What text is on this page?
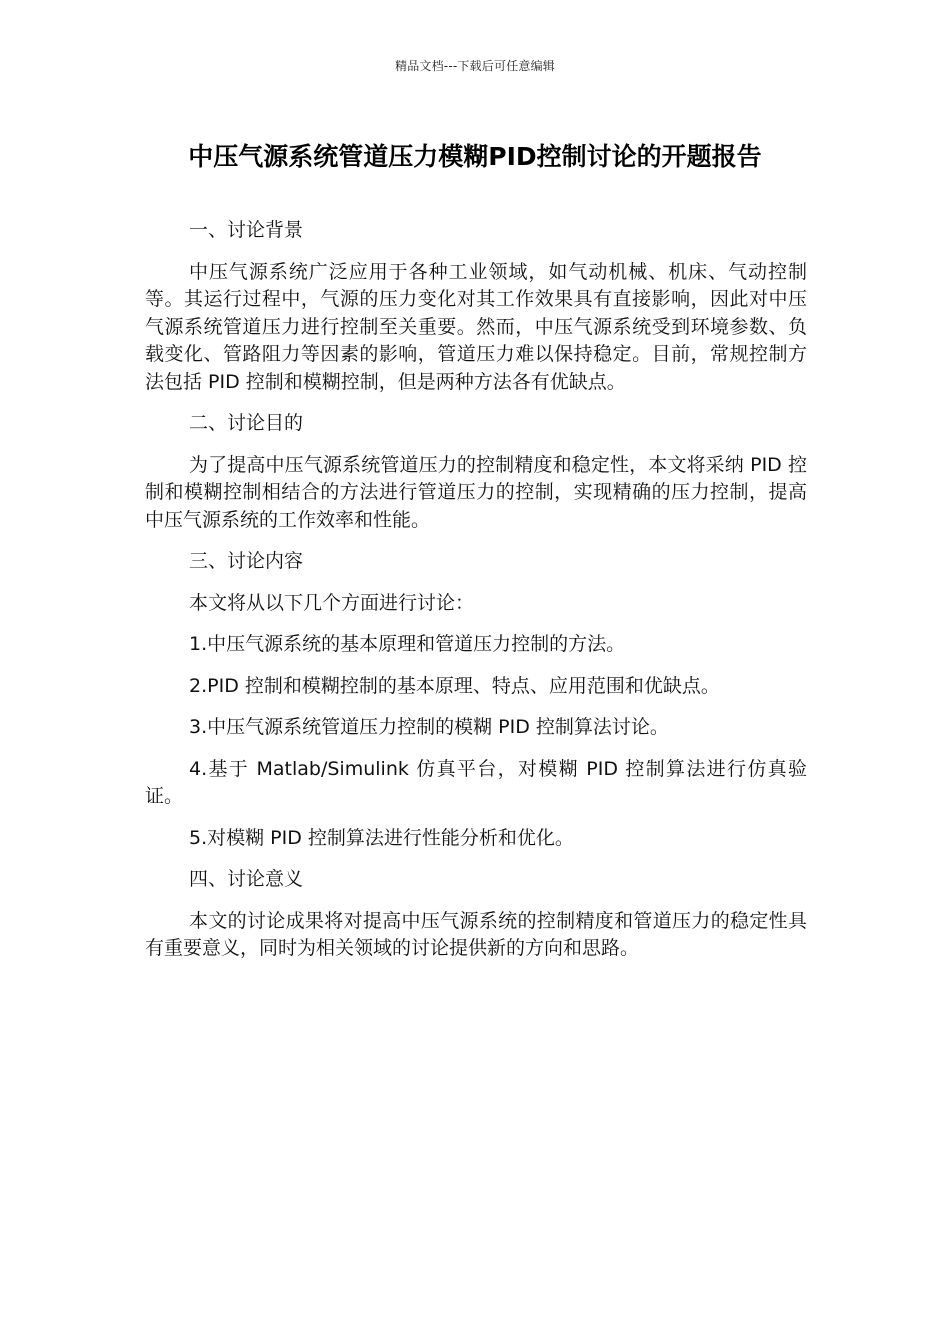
精品文档---下载后可任意编辑
中压气源系统管道压力模糊PID控制讨论的开题报告

一、讨论背景

中压气源系统广泛应用于各种工业领域，如气动机械、机床、气动控制等。其运行过程中，气源的压力变化对其工作效果具有直接影响，因此对中压气源系统管道压力进行控制至关重要。然而，中压气源系统受到环境参数、负载变化、管路阻力等因素的影响，管道压力难以保持稳定。目前，常规控制方法包括 PID 控制和模糊控制，但是两种方法各有优缺点。

二、讨论目的

为了提高中压气源系统管道压力的控制精度和稳定性，本文将采纳 PID 控制和模糊控制相结合的方法进行管道压力的控制，实现精确的压力控制，提高中压气源系统的工作效率和性能。

三、讨论内容

本文将从以下几个方面进行讨论：

1.中压气源系统的基本原理和管道压力控制的方法。

2.PID 控制和模糊控制的基本原理、特点、应用范围和优缺点。

3.中压气源系统管道压力控制的模糊 PID 控制算法讨论。

4.基于 Matlab/Simulink 仿真平台，对模糊 PID 控制算法进行仿真验证。

5.对模糊 PID 控制算法进行性能分析和优化。

四、讨论意义

本文的讨论成果将对提高中压气源系统的控制精度和管道压力的稳定性具有重要意义，同时为相关领域的讨论提供新的方向和思路。
